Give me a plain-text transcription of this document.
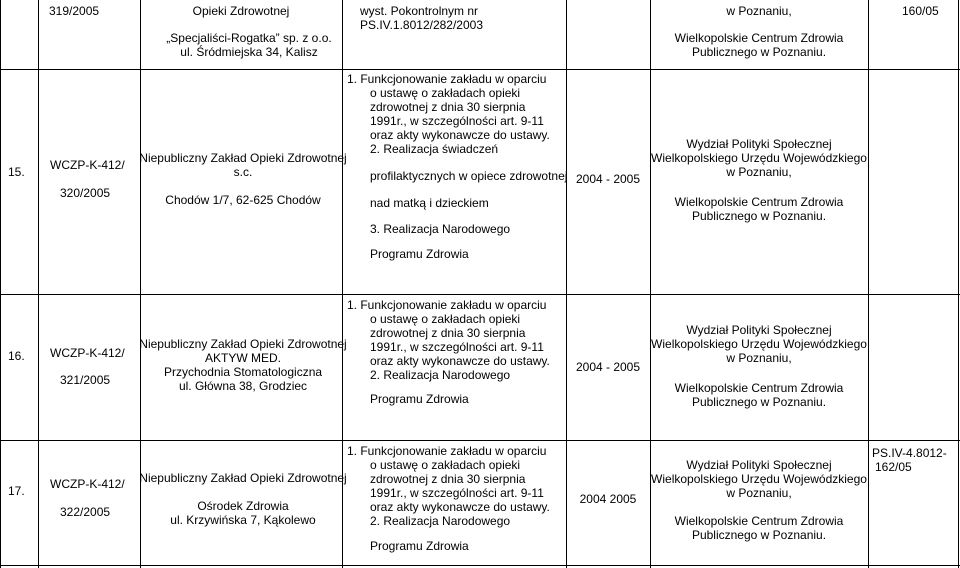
319/2005	Opieki Zdrowotnej
„Specjaliści-Rogatka” sp. z o.o.
ul. Śródmiejska 34, Kalisz
wyst. Pokontrolnym nr
PS.IV.1.8012/282/2003
w Poznaniu,
Wielkopolskie Centrum Zdrowia
Publicznego w Poznaniu.
160/05
15. WCZP-K-412/
320/2005
Niepubliczny Zakład Opieki Zdrowotnej
s.c.
Chodów 1/7, 62-625 Chodów
1. Funkcjonowanie zakładu w oparciu
o ustawę o zakładach opieki
zdrowotnej z dnia 30 sierpnia
1991r., w szczególności art. 9-11
oraz akty wykonawcze do ustawy.
2. Realizacja świadczeń
profilaktycznych w opiece zdrowotnej
nad matką i dzieckiem
3. Realizacja Narodowego
Programu Zdrowia
2004 - 2005
Wydział Polityki Społecznej
Wielkopolskiego Urzędu Wojewódzkiego
w Poznaniu,
Wielkopolskie Centrum Zdrowia
Publicznego w Poznaniu.
16. WCZP-K-412/
321/2005
Niepubliczny Zakład Opieki Zdrowotnej
AKTYW MED.
Przychodnia Stomatologiczna
ul. Główna 38, Grodziec
1. Funkcjonowanie zakładu w oparciu
o ustawę o zakładach opieki
zdrowotnej z dnia 30 sierpnia
1991r., w szczególności art. 9-11
oraz akty wykonawcze do ustawy.
2. Realizacja Narodowego
Programu Zdrowia
2004 - 2005
Wydział Polityki Społecznej
Wielkopolskiego Urzędu Wojewódzkiego
w Poznaniu,
Wielkopolskie Centrum Zdrowia
Publicznego w Poznaniu.
17. WCZP-K-412/
322/2005
Niepubliczny Zakład Opieki Zdrowotnej
Ośrodek Zdrowia
ul. Krzywińska 7, Kąkolewo
1. Funkcjonowanie zakładu w oparciu
o ustawę o zakładach opieki
zdrowotnej z dnia 30 sierpnia
1991r., w szczególności art. 9-11
oraz akty wykonawcze do ustawy.
2. Realizacja Narodowego
Programu Zdrowia
2004 2005
Wydział Polityki Społecznej
Wielkopolskiego Urzędu Wojewódzkiego
w Poznaniu,
Wielkopolskie Centrum Zdrowia
Publicznego w Poznaniu.
PS.IV-4.8012-
162/05
